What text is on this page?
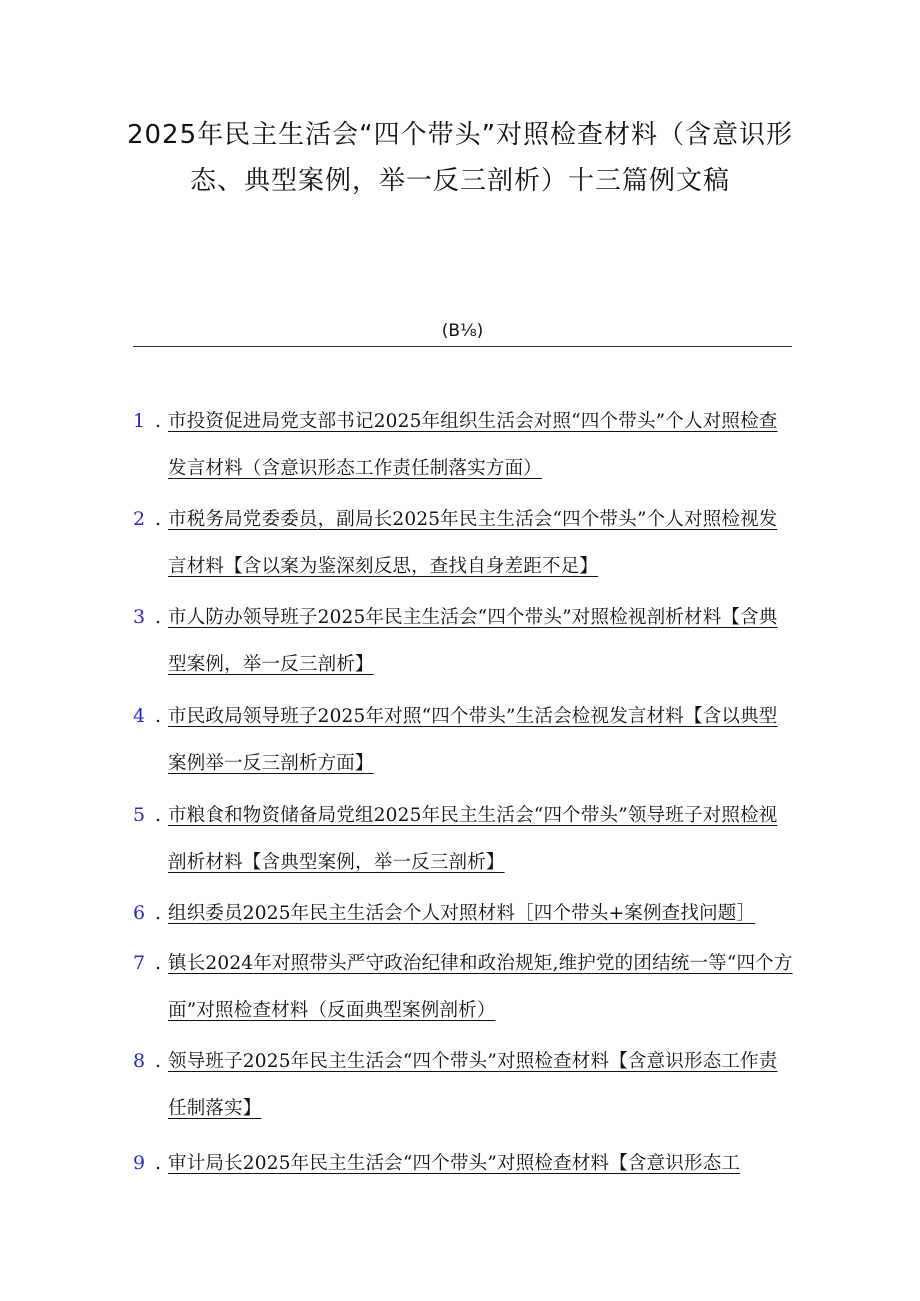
2025年民主生活会“四个带头”对照检查材料（含意识形态、典型案例，举一反三剖析）十三篇例文稿
(B⅛)
1 . 市投资促进局党支部书记2025年组织生活会对照“四个带头”个人对照检查发言材料（含意识形态工作责任制落实方面）
2 . 市税务局党委委员，副局长2025年民主生活会“四个带头”个人对照检视发言材料【含以案为鉴深刻反思，查找自身差距不足】
3 . 市人防办领导班子2025年民主生活会“四个带头”对照检视剖析材料【含典型案例，举一反三剖析】
4 . 市民政局领导班子2025年对照“四个带头”生活会检视发言材料【含以典型案例举一反三剖析方面】
5 . 市粮食和物资储备局党组2025年民主生活会“四个带头”领导班子对照检视剖析材料【含典型案例，举一反三剖析】
6 . 组织委员2025年民主生活会个人对照材料［四个带头+案例查找问题］
7 . 镇长2024年对照带头严守政治纪律和政治规矩,维护党的团结统一等“四个方面”对照检查材料（反面典型案例剖析）
8 . 领导班子2025年民主生活会“四个带头”对照检查材料【含意识形态工作责任制落实】
9 . 审计局长2025年民主生活会“四个带头”对照检查材料【含意识形态工
